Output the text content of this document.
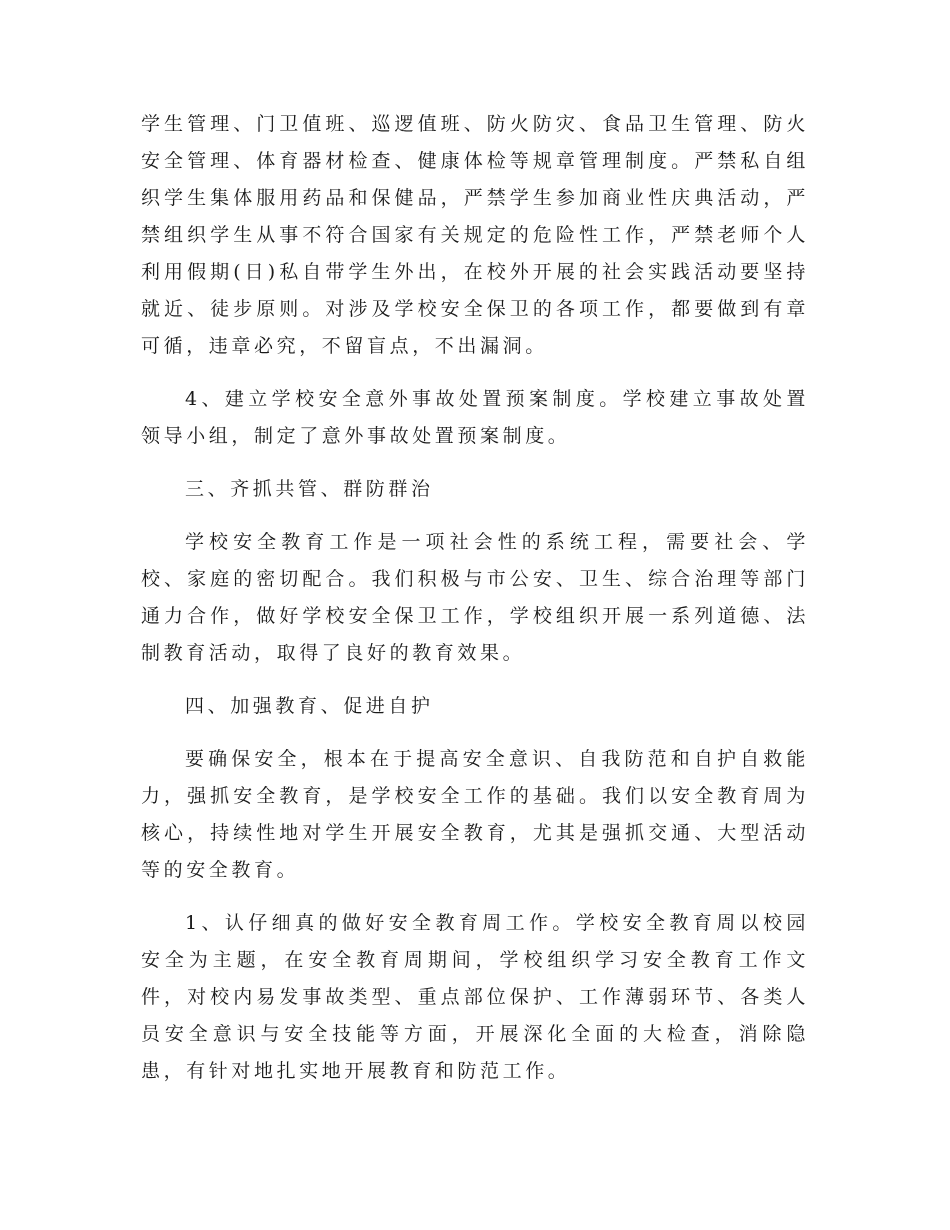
学生管理、门卫值班、巡逻值班、防火防灾、食品卫生管理、防火安全管理、体育器材检查、健康体检等规章管理制度。严禁私自组织学生集体服用药品和保健品，严禁学生参加商业性庆典活动，严禁组织学生从事不符合国家有关规定的危险性工作，严禁老师个人利用假期(日)私自带学生外出，在校外开展的社会实践活动要坚持就近、徒步原则。对涉及学校安全保卫的各项工作，都要做到有章可循，违章必究，不留盲点，不出漏洞。

4、建立学校安全意外事故处置预案制度。学校建立事故处置领导小组，制定了意外事故处置预案制度。

三、齐抓共管、群防群治

学校安全教育工作是一项社会性的系统工程，需要社会、学校、家庭的密切配合。我们积极与市公安、卫生、综合治理等部门通力合作，做好学校安全保卫工作，学校组织开展一系列道德、法制教育活动，取得了良好的教育效果。

四、加强教育、促进自护

要确保安全，根本在于提高安全意识、自我防范和自护自救能力，强抓安全教育，是学校安全工作的基础。我们以安全教育周为核心，持续性地对学生开展安全教育，尤其是强抓交通、大型活动等的安全教育。

1、认仔细真的做好安全教育周工作。学校安全教育周以校园安全为主题，在安全教育周期间，学校组织学习安全教育工作文件，对校内易发事故类型、重点部位保护、工作薄弱环节、各类人员安全意识与安全技能等方面，开展深化全面的大检查，消除隐患，有针对地扎实地开展教育和防范工作。
